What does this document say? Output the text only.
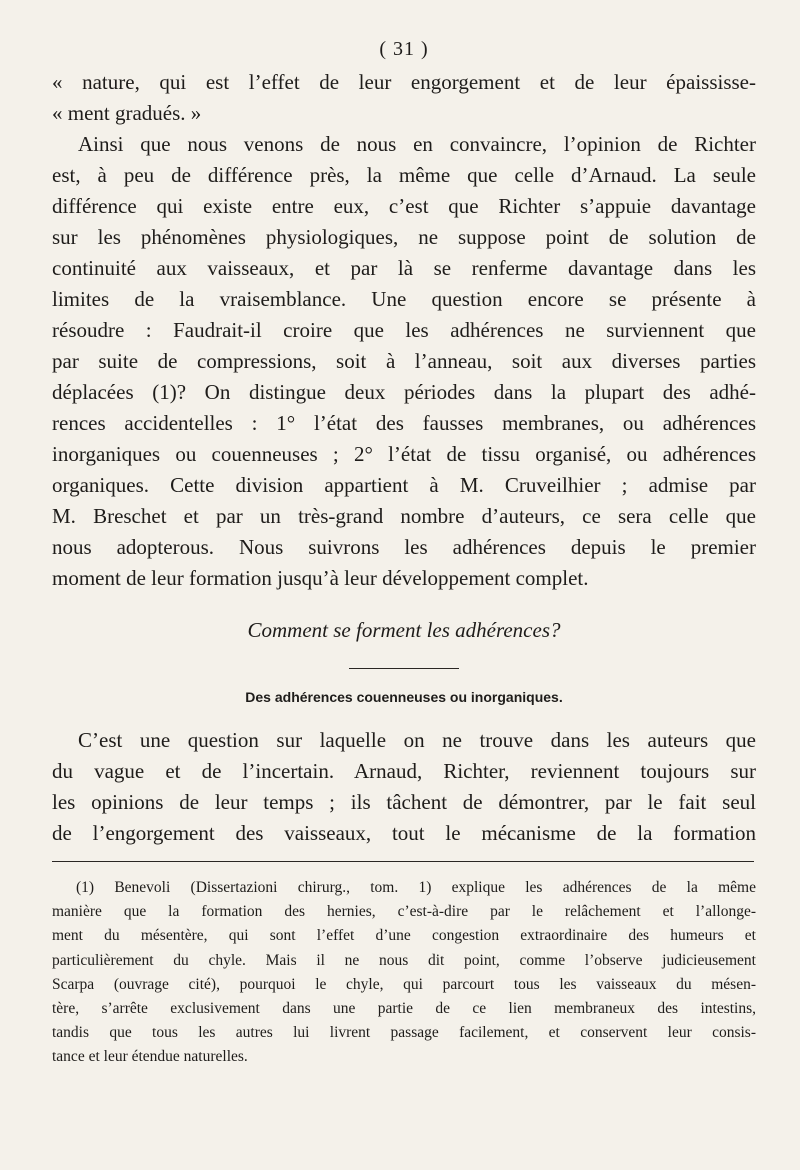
( 31 )
« nature, qui est l’effet de leur engorgement et de leur épaississe-
« ment gradués. »
Ainsi que nous venons de nous en convaincre, l’opinion de Richter
est, à peu de différence près, la même que celle d’Arnaud. La seule
différence qui existe entre eux, c’est que Richter s’appuie davantage
sur les phénomènes physiologiques, ne suppose point de solution de
continuité aux vaisseaux, et par là se renferme davantage dans les
limites de la vraisemblance. Une question encore se présente à
résoudre : Faudrait-il croire que les adhérences ne surviennent que
par suite de compressions, soit à l’anneau, soit aux diverses parties
déplacées (1)? On distingue deux périodes dans la plupart des adhé-
rences accidentelles : 1° l’état des fausses membranes, ou adhérences
inorganiques ou couenneuses ; 2° l’état de tissu organisé, ou adhérences
organiques. Cette division appartient à M. Cruveilhier ; admise par
M. Breschet et par un très-grand nombre d’auteurs, ce sera celle que
nous adopterous. Nous suivrons les adhérences depuis le premier
moment de leur formation jusqu’à leur développement complet.
Comment se forment les adhérences?
Des adhérences couenneuses ou inorganiques.
C’est une question sur laquelle on ne trouve dans les auteurs que
du vague et de l’incertain. Arnaud, Richter, reviennent toujours sur
les opinions de leur temps ; ils tâchent de démontrer, par le fait seul
de l’engorgement des vaisseaux, tout le mécanisme de la formation
(1) Benevoli (Dissertazioni chirurg., tom. 1) explique les adhérences de la même
manière que la formation des hernies, c’est-à-dire par le relâchement et l’allonge-
ment du mésentère, qui sont l’effet d’une congestion extraordinaire des humeurs et
particulièrement du chyle. Mais il ne nous dit point, comme l’observe judicieusement
Scarpa (ouvrage cité), pourquoi le chyle, qui parcourt tous les vaisseaux du mésen-
tère, s’arrête exclusivement dans une partie de ce lien membraneux des intestins,
tandis que tous les autres lui livrent passage facilement, et conservent leur consis-
tance et leur étendue naturelles.
